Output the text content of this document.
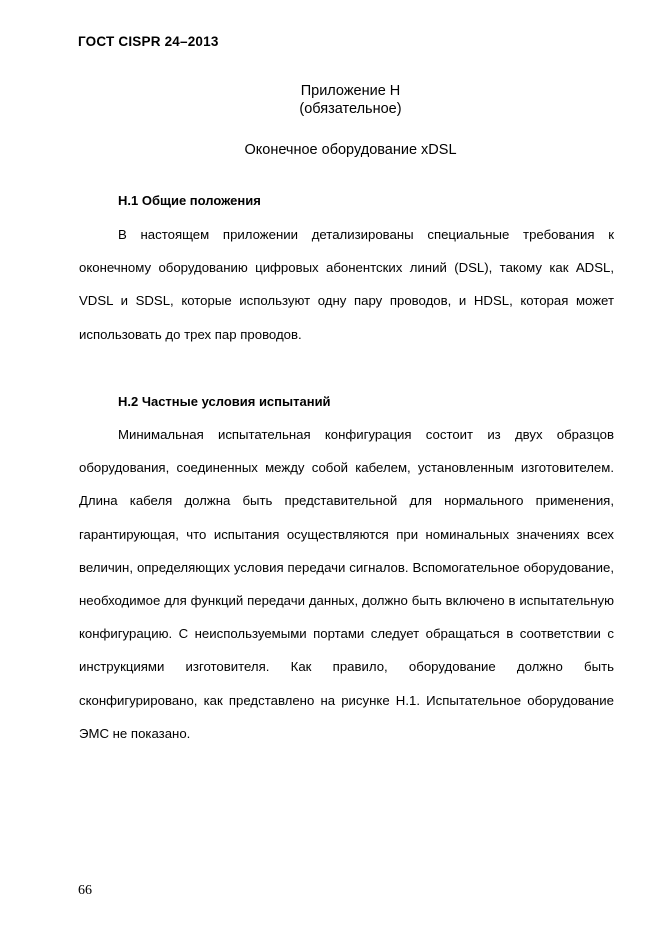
ГОСТ CISPR 24–2013
Приложение Н
(обязательное)
Оконечное оборудование xDSL
Н.1 Общие положения

В настоящем приложении детализированы специальные требования к оконечному оборудованию цифровых абонентских линий (DSL), такому как ADSL, VDSL и SDSL, которые используют одну пару проводов, и HDSL, которая может использовать до трех пар проводов.

Н.2 Частные условия испытаний

Минимальная испытательная конфигурация состоит из двух образцов оборудования, соединенных между собой кабелем, установленным изготовителем. Длина кабеля должна быть представительной для нормального применения, гарантирующая, что испытания осуществляются при номинальных значениях всех величин, определяющих условия передачи сигналов. Вспомогательное оборудование, необходимое для функций передачи данных, должно быть включено в испытательную конфигурацию. С неиспользуемыми портами следует обращаться в соответствии с инструкциями изготовителя. Как правило, оборудование должно быть сконфигурировано, как представлено на рисунке Н.1. Испытательное оборудование ЭМС не показано.

66
